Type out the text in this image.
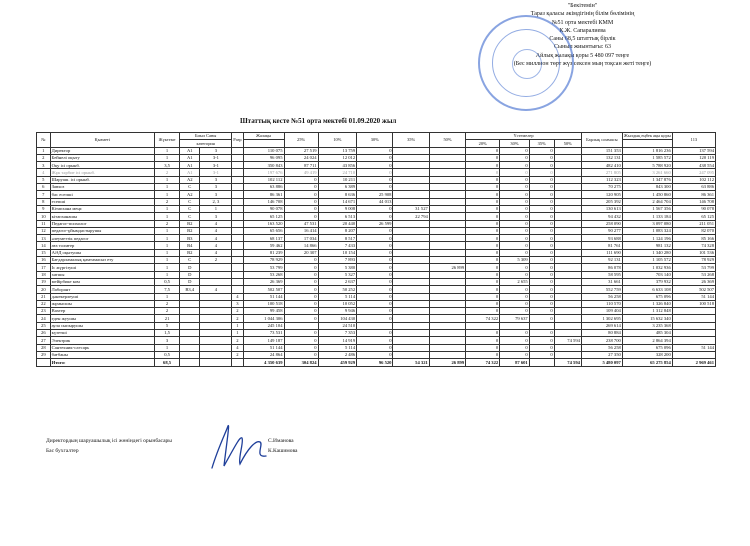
"Бекітемін"
Тараз қаласы әкімдігінің білім бөлімінің
№51 орта мектебі КММ
К.Ж. Сапаралиева
Саны 68,5 штаттық бірлік
Сынып жиынтығы: 63
Айлық жалақы қоры 5 480 097 теңге
(Бес миллион төрт жүз сексен мың тоқсан жеті теңге)
Штаттық кесте №51 орта мектебі 01.09.2020 жыл
№	Қызметі	Жүктеме	Биыл Саны		Разр	Жалақы	25%	10%	30%	35%	50%	Үстемелер				Барлық соммасы	Жылдық еңбек ақы қоры	113
												20%	30%	35%	50%			
			категория															
1	Директор	1	A1	3		110 075	27 519	13 759	0			0	0	0		151 353	1 816 236	137 594
2	Бейнелі оқыту	1	A1	3-1		96 095	24 024	12 012	0			0	0	0		132 131	1 585 572	120 119
3	Оқу ісі орынб.	3,5	A1	3-1		350 843	87 711	43 856	0			0	0	0		482 410	5 788 920	438 554
4	Жұк тәрбие ісі орынб.	2	A1	3-1		197 676	49 419	24 710	0			0	0	0		271 805	3 261 660	247 095
5	Шаруаш. ісі орынб.	1	A2	3		102 112	0	10 211	0			0	0	0		112 323	1 347 876	102 112
6	Завхоз	1	C	3		63 886	0	6 389	0			0	0	0		70 275	843 300	63 886
7	бас есепші	1	A2	3		86 361	0	8 636	25 908			0	0	0		120 905	1 450 860	86 361
8	есепші	2	C	2, 3		146 708	0	14 671	44 013			0	0	0		205 392	2 464 704	146 708
9	Кітапхана меңг.	1	C	1		90 078	0	9 008	0	31 527		0	0	0		130 613	1 567 356	90 078
10	кітапханашы	1	C	3		65 125	0	6 513	0	22 794		0	0	0		94 432	1 133 184	65 125
11	Педагог-психолог	2	B2	4		163 520	47 531	20 440	26 599			0	0	0		258 090	3 097 080	211 051
12	педагог-ұйымдастырушы	1	B2	4		65 656	16 414	8 207	0			0	0	0		90 277	1 083 324	82 070
13	әлеуметтік педагог	1	B3	4		68 137	17 034	8 517	0			0	0	0		93 688	1 124 196	85 166
14	аға толмғер	1	B4	4		59 462	14 866	7 433	0			0	0	0		81 761	981 132	74 328
15	АӘД оқытушы	1	B2	4		81 239	20 307	10 154	0			0	0	0		111 690	1 340 280	101 536
16	Бағдарламалық қамтамасыз ету	1	C	2		78 929	0	7 893	0			0	5 309	0		92 131	1 105 572	78 929
17	Іс жүргізуші	1	D			53 799	0	5 380	0		26 899	0	0	0		86 078	1 032 936	53 799
18	хатшы	1	D			53 268	0	5 327	0			0	0	0		58 595	703 140	53 268
19	мейірбике ком	0,5	D			26 369	0	2 637	0			0	2 655	0		31 661	379 932	26 369
20	Лаборант	7,5	B3,4	4		502 507	0	50 252	0			0	0	0		552 759	6 633 108	502 507
21	дәнекерлеуші	1			4	51 144	0	5 114	0			0	0	0		56 258	675 096	51 144
22	жұмысшы	2			3	100 518	0	10 052	0			0	0	0		110 570	1 326 840	100 518
23	Вахтер	2			2	99 458	0	9 946	0			0	0	0		109 404	1 312 848	
24	еден жуушы	21			2	1 044 306	0	104 430	0			74 322	79 637	0		1 302 695	15 632 340	
25	аула сыпырушы	5			1	245 104		24 510								269 614	3 235 368	
26	күзетші	1,5			1	73 531	0	7 353	0			0	0	0		80 884	485 304	
27	Электрик	3			2	149 187	0	14 919	0			0	0	0	74 594	238 700	2 864 394	
28	Сантехник-слесарь	1			4	51 144	0	5 114	0			0	0	0		56 258	675 096	51 144
29	бағбаны	0,5			2	24 864	0	2 486	0			0	0	0		27 350	328 200	
	Итого:	68,5				4 350 639	304 824	459 929	96 520	54 321	26 899	74 322	87 601		74 594	5 480 097	65 275 854	2 969 461
Директордың шаруашылық ісі жөніндегі орынбасары
Бас бухгалтер
С.Иманова
К.Кашимова
